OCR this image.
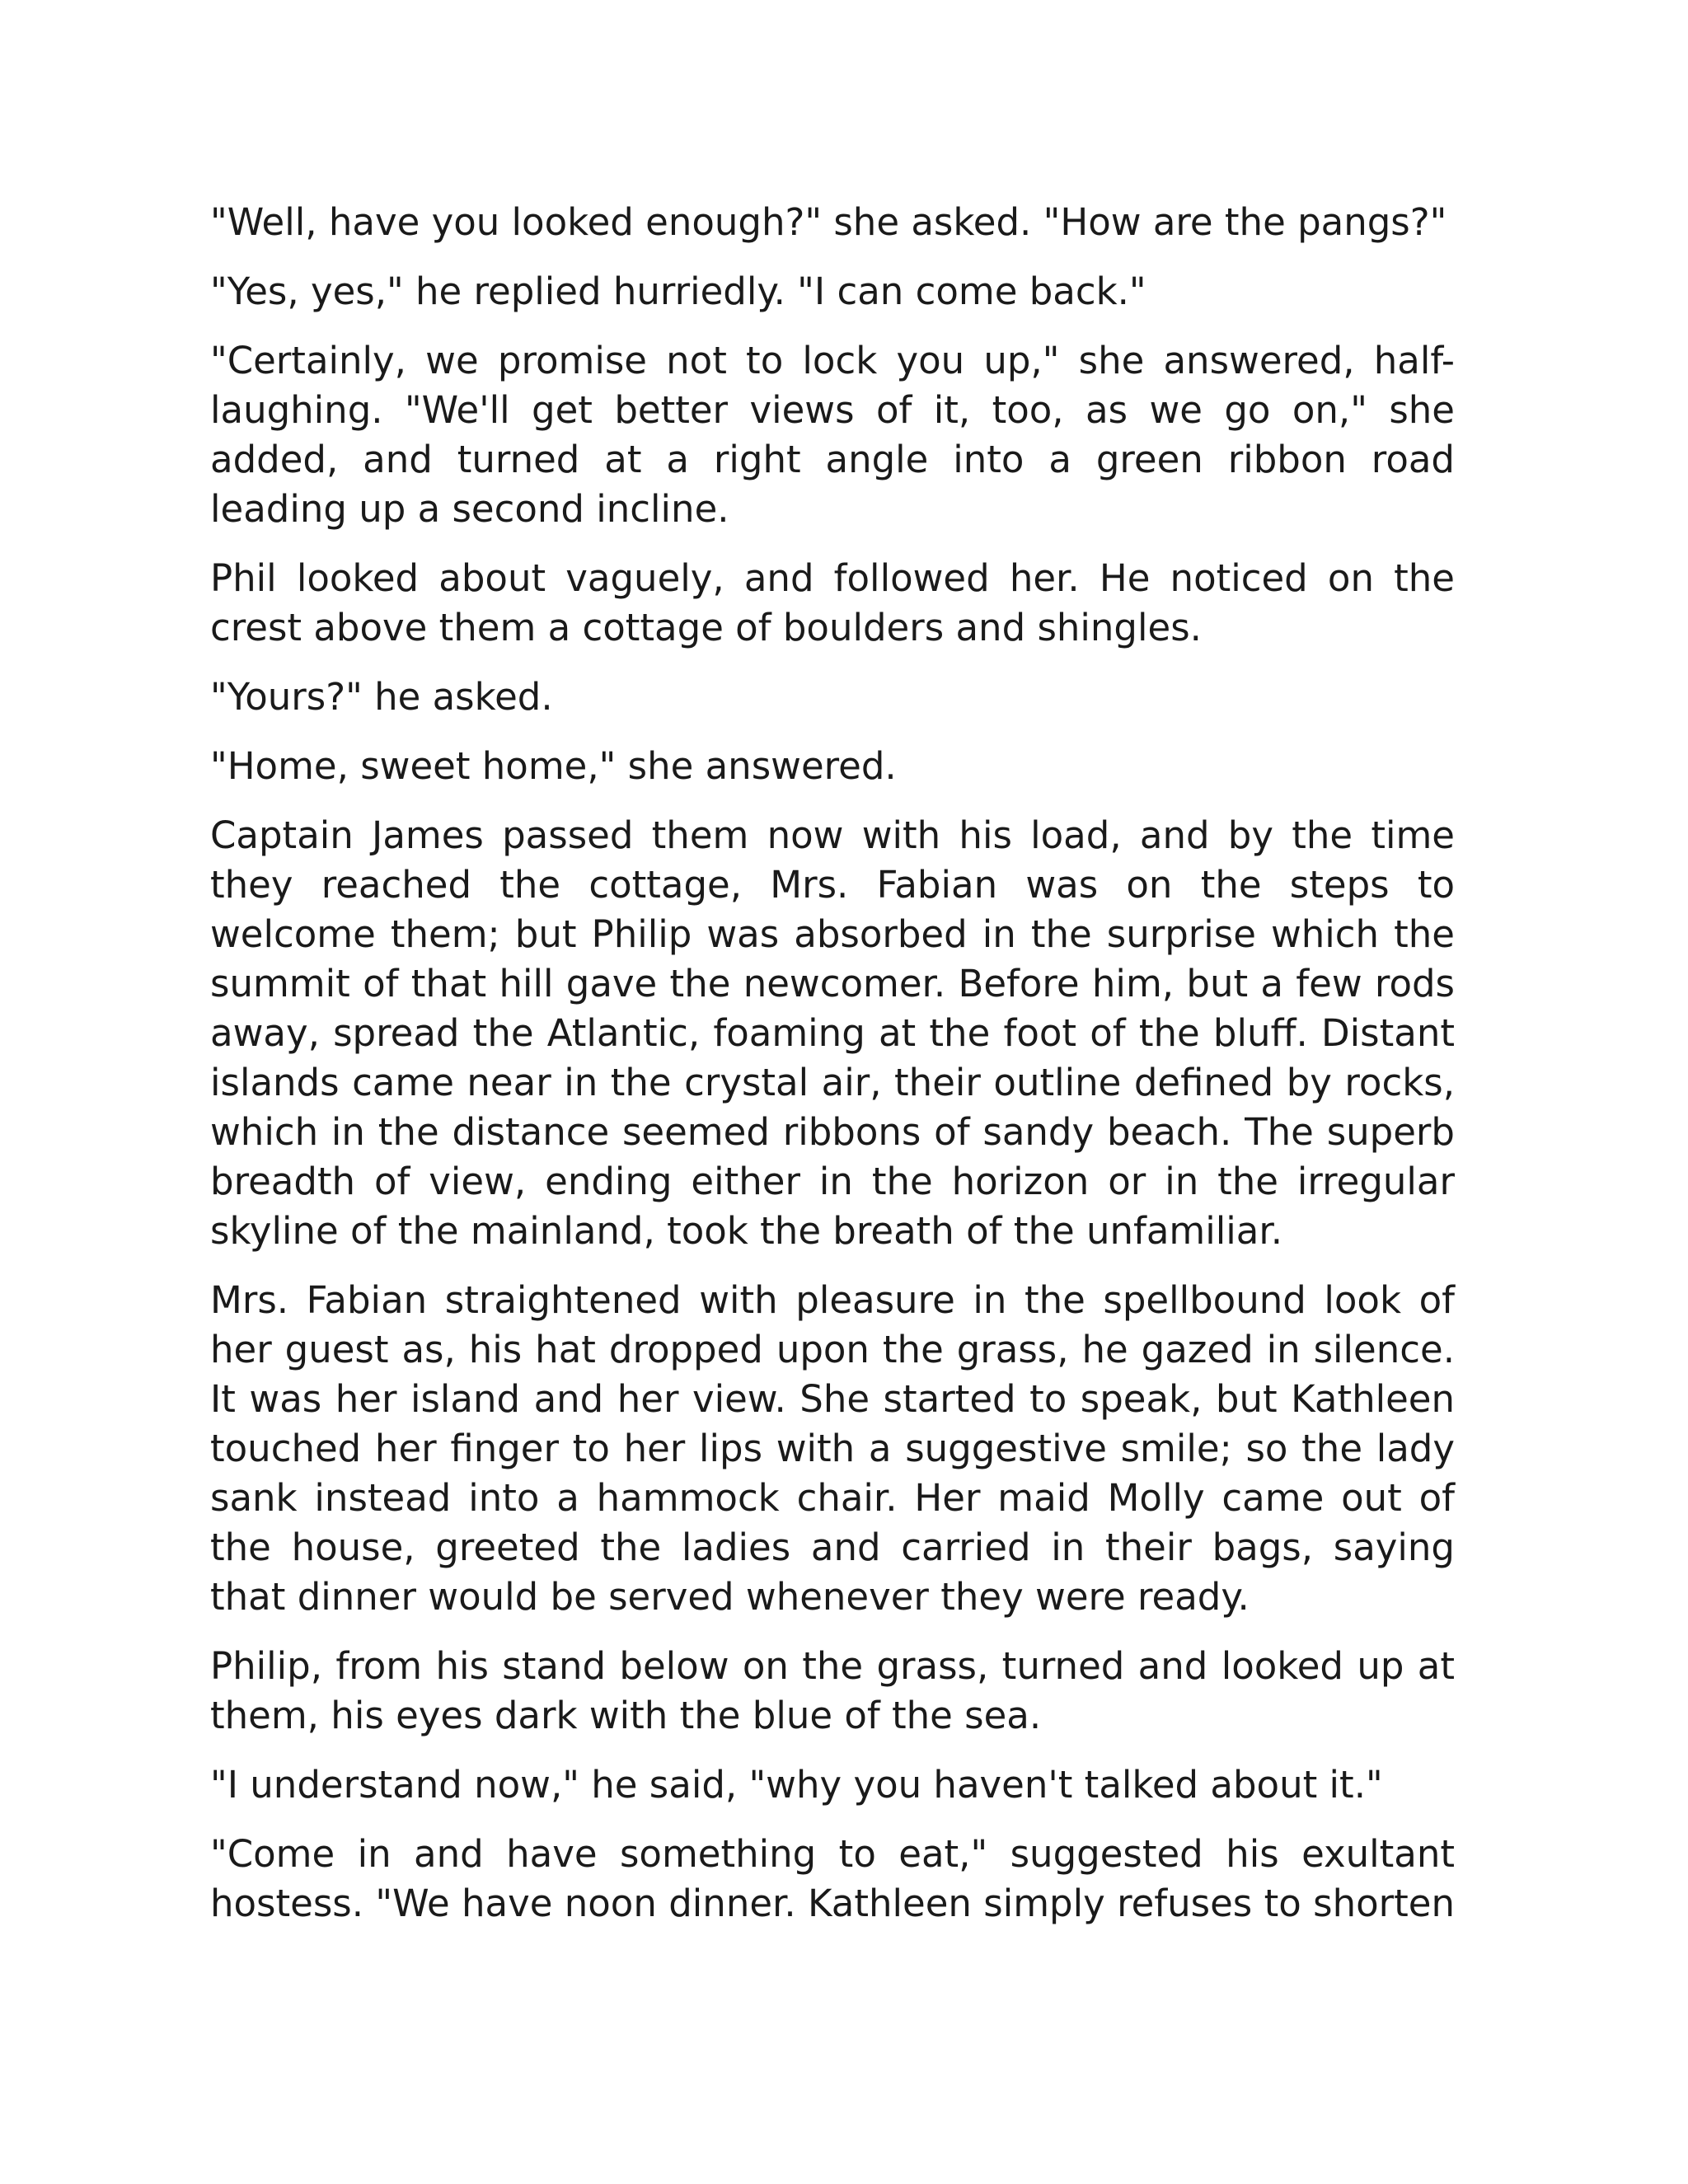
"Well, have you looked enough?" she asked. "How are the pangs?"

"Yes, yes," he replied hurriedly. "I can come back."

"Certainly, we promise not to lock you up," she answered, half-laughing. "We'll get better views of it, too, as we go on," she added, and turned at a right angle into a green ribbon road leading up a second incline.

Phil looked about vaguely, and followed her. He noticed on the crest above them a cottage of boulders and shingles.

"Yours?" he asked.

"Home, sweet home," she answered.

Captain James passed them now with his load, and by the time they reached the cottage, Mrs. Fabian was on the steps to welcome them; but Philip was absorbed in the surprise which the summit of that hill gave the newcomer. Before him, but a few rods away, spread the Atlantic, foaming at the foot of the bluff. Distant islands came near in the crystal air, their outline defined by rocks, which in the distance seemed ribbons of sandy beach. The superb breadth of view, ending either in the horizon or in the irregular skyline of the mainland, took the breath of the unfamiliar.

Mrs. Fabian straightened with pleasure in the spellbound look of her guest as, his hat dropped upon the grass, he gazed in silence. It was her island and her view. She started to speak, but Kathleen touched her finger to her lips with a suggestive smile; so the lady sank instead into a hammock chair. Her maid Molly came out of the house, greeted the ladies and carried in their bags, saying that dinner would be served whenever they were ready.

Philip, from his stand below on the grass, turned and looked up at them, his eyes dark with the blue of the sea.

"I understand now," he said, "why you haven't talked about it."

"Come in and have something to eat," suggested his exultant hostess. "We have noon dinner. Kathleen simply refuses to shorten
